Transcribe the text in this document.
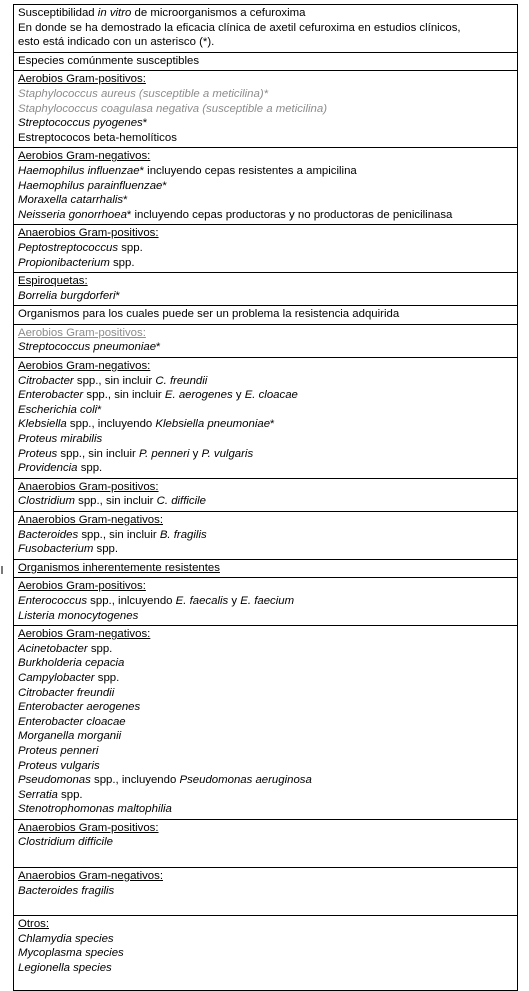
Susceptibilidad in vitro de microorganismos a cefuroxima
En donde se ha demostrado la eficacia clínica de axetil cefuroxima en estudios clínicos,
esto está indicado con un asterisco (*).
Especies comúnmente susceptibles
Aerobios Gram-positivos:
Staphylococcus aureus (susceptible a meticilina)*
Staphylococcus coagulasa negativa (susceptible a meticilina)
Streptococcus pyogenes*
Estreptococos beta-hemolíticos
Aerobios Gram-negativos:
Haemophilus influenzae* incluyendo cepas resistentes a ampicilina
Haemophilus parainfluenzae*
Moraxella catarrhalis*
Neisseria gonorrhoea* incluyendo cepas productoras y no productoras de penicilinasa
Anaerobios Gram-positivos:
Peptostreptococcus spp.
Propionibacterium spp.
Espiroquetas:
Borrelia burgdorferi*
Organismos para los cuales puede ser un problema la resistencia adquirida
Aerobios Gram-positivos:
Streptococcus pneumoniae*
Aerobios Gram-negativos:
Citrobacter spp., sin incluir C. freundii
Enterobacter spp., sin incluir E. aerogenes y E. cloacae
Escherichia coli*
Klebsiella spp., incluyendo Klebsiella pneumoniae*
Proteus mirabilis
Proteus spp., sin incluir P. penneri y P. vulgaris
Providencia spp.
Anaerobios Gram-positivos:
Clostridium spp., sin incluir C. difficile
Anaerobios Gram-negativos:
Bacteroides spp., sin incluir B. fragilis
Fusobacterium spp.
Organismos inherentemente resistentes
Aerobios Gram-positivos:
Enterococcus spp., inlcuyendo E. faecalis y E. faecium
Listeria monocytogenes
Aerobios Gram-negativos:
Acinetobacter spp.
Burkholderia cepacia
Campylobacter spp.
Citrobacter freundii
Enterobacter aerogenes
Enterobacter cloacae
Morganella morganii
Proteus penneri
Proteus vulgaris
Pseudomonas spp., incluyendo Pseudomonas aeruginosa
Serratia spp.
Stenotrophomonas maltophilia
Anaerobios Gram-positivos:
Clostridium difficile
Anaerobios Gram-negativos:
Bacteroides fragilis
Otros:
Chlamydia species
Mycoplasma species
Legionella species
